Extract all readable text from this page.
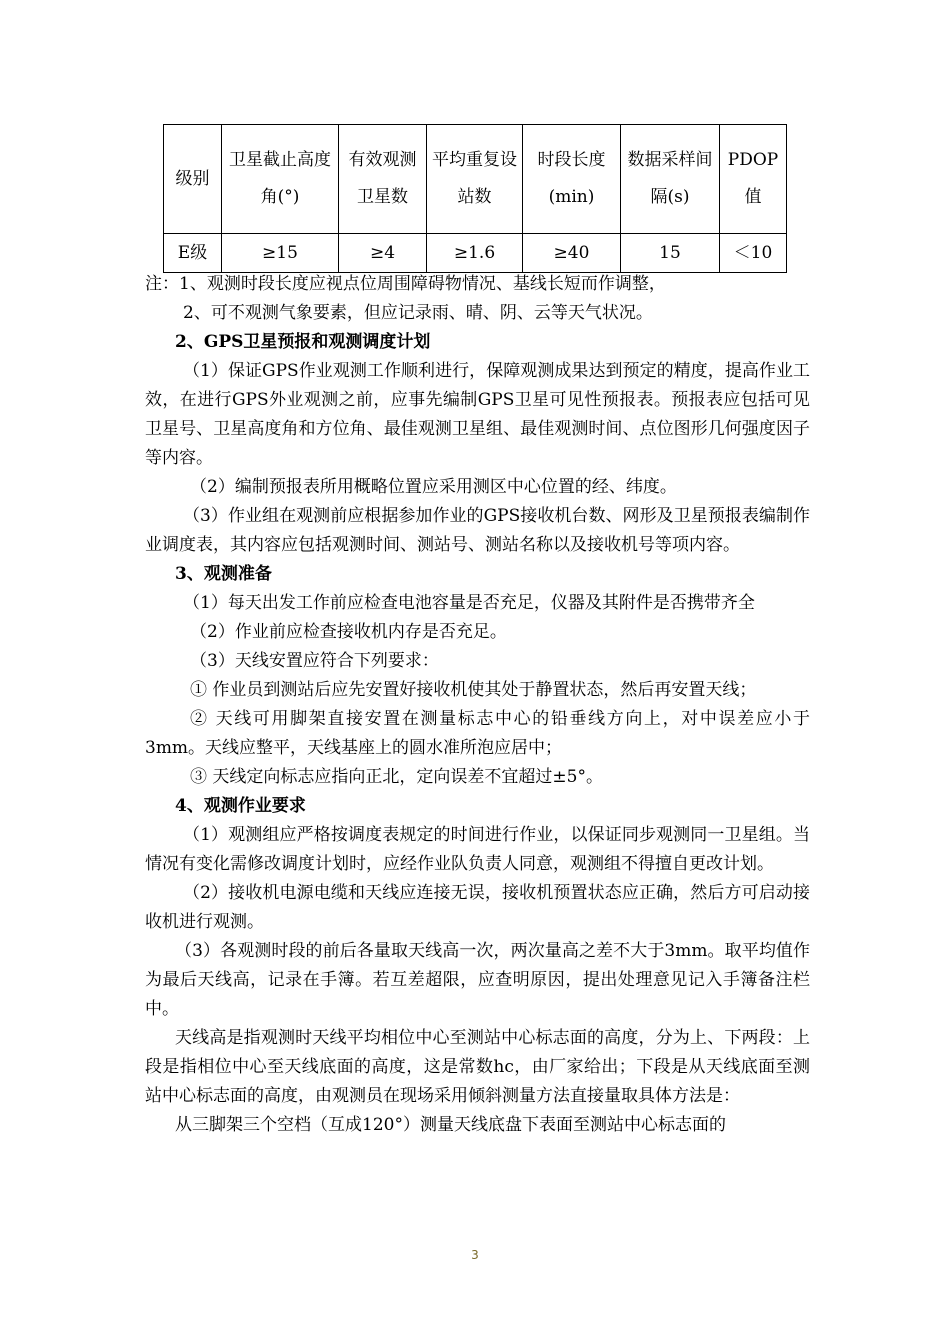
级别	卫星截止高度角(°)	有效观测卫星数	平均重复设站数	时段长度(min)	数据采样间隔(s)	PDOP值
E级	≥15	≥4	≥1.6	≥40	15	＜10

注：1、观测时段长度应视点位周围障碍物情况、基线长短而作调整，

2、可不观测气象要素，但应记录雨、晴、阴、云等天气状况。

2、GPS卫星预报和观测调度计划

（1）保证GPS作业观测工作顺利进行，保障观测成果达到预定的精度，提高作业工效，在进行GPS外业观测之前，应事先编制GPS卫星可见性预报表。预报表应包括可见卫星号、卫星高度角和方位角、最佳观测卫星组、最佳观测时间、点位图形几何强度因子等内容。

（2）编制预报表所用概略位置应采用测区中心位置的经、纬度。

（3）作业组在观测前应根据参加作业的GPS接收机台数、网形及卫星预报表编制作业调度表，其内容应包括观测时间、测站号、测站名称以及接收机号等项内容。

3、观测准备

（1）每天出发工作前应检查电池容量是否充足，仪器及其附件是否携带齐全

（2）作业前应检查接收机内存是否充足。

（3）天线安置应符合下列要求：

① 作业员到测站后应先安置好接收机使其处于静置状态，然后再安置天线；

② 天线可用脚架直接安置在测量标志中心的铅垂线方向上，对中误差应小于3mm。天线应整平，天线基座上的圆水准所泡应居中；

③ 天线定向标志应指向正北，定向误差不宜超过±5°。

4、观测作业要求

（1）观测组应严格按调度表规定的时间进行作业，以保证同步观测同一卫星组。当情况有变化需修改调度计划时，应经作业队负责人同意，观测组不得擅自更改计划。

（2）接收机电源电缆和天线应连接无误，接收机预置状态应正确，然后方可启动接收机进行观测。

（3）各观测时段的前后各量取天线高一次，两次量高之差不大于3mm。取平均值作为最后天线高，记录在手簿。若互差超限，应查明原因，提出处理意见记入手簿备注栏中。

天线高是指观测时天线平均相位中心至测站中心标志面的高度，分为上、下两段：上段是指相位中心至天线底面的高度，这是常数hc，由厂家给出；下段是从天线底面至测站中心标志面的高度，由观测员在现场采用倾斜测量方法直接量取具体方法是：

从三脚架三个空档（互成120°）测量天线底盘下表面至测站中心标志面的

3
